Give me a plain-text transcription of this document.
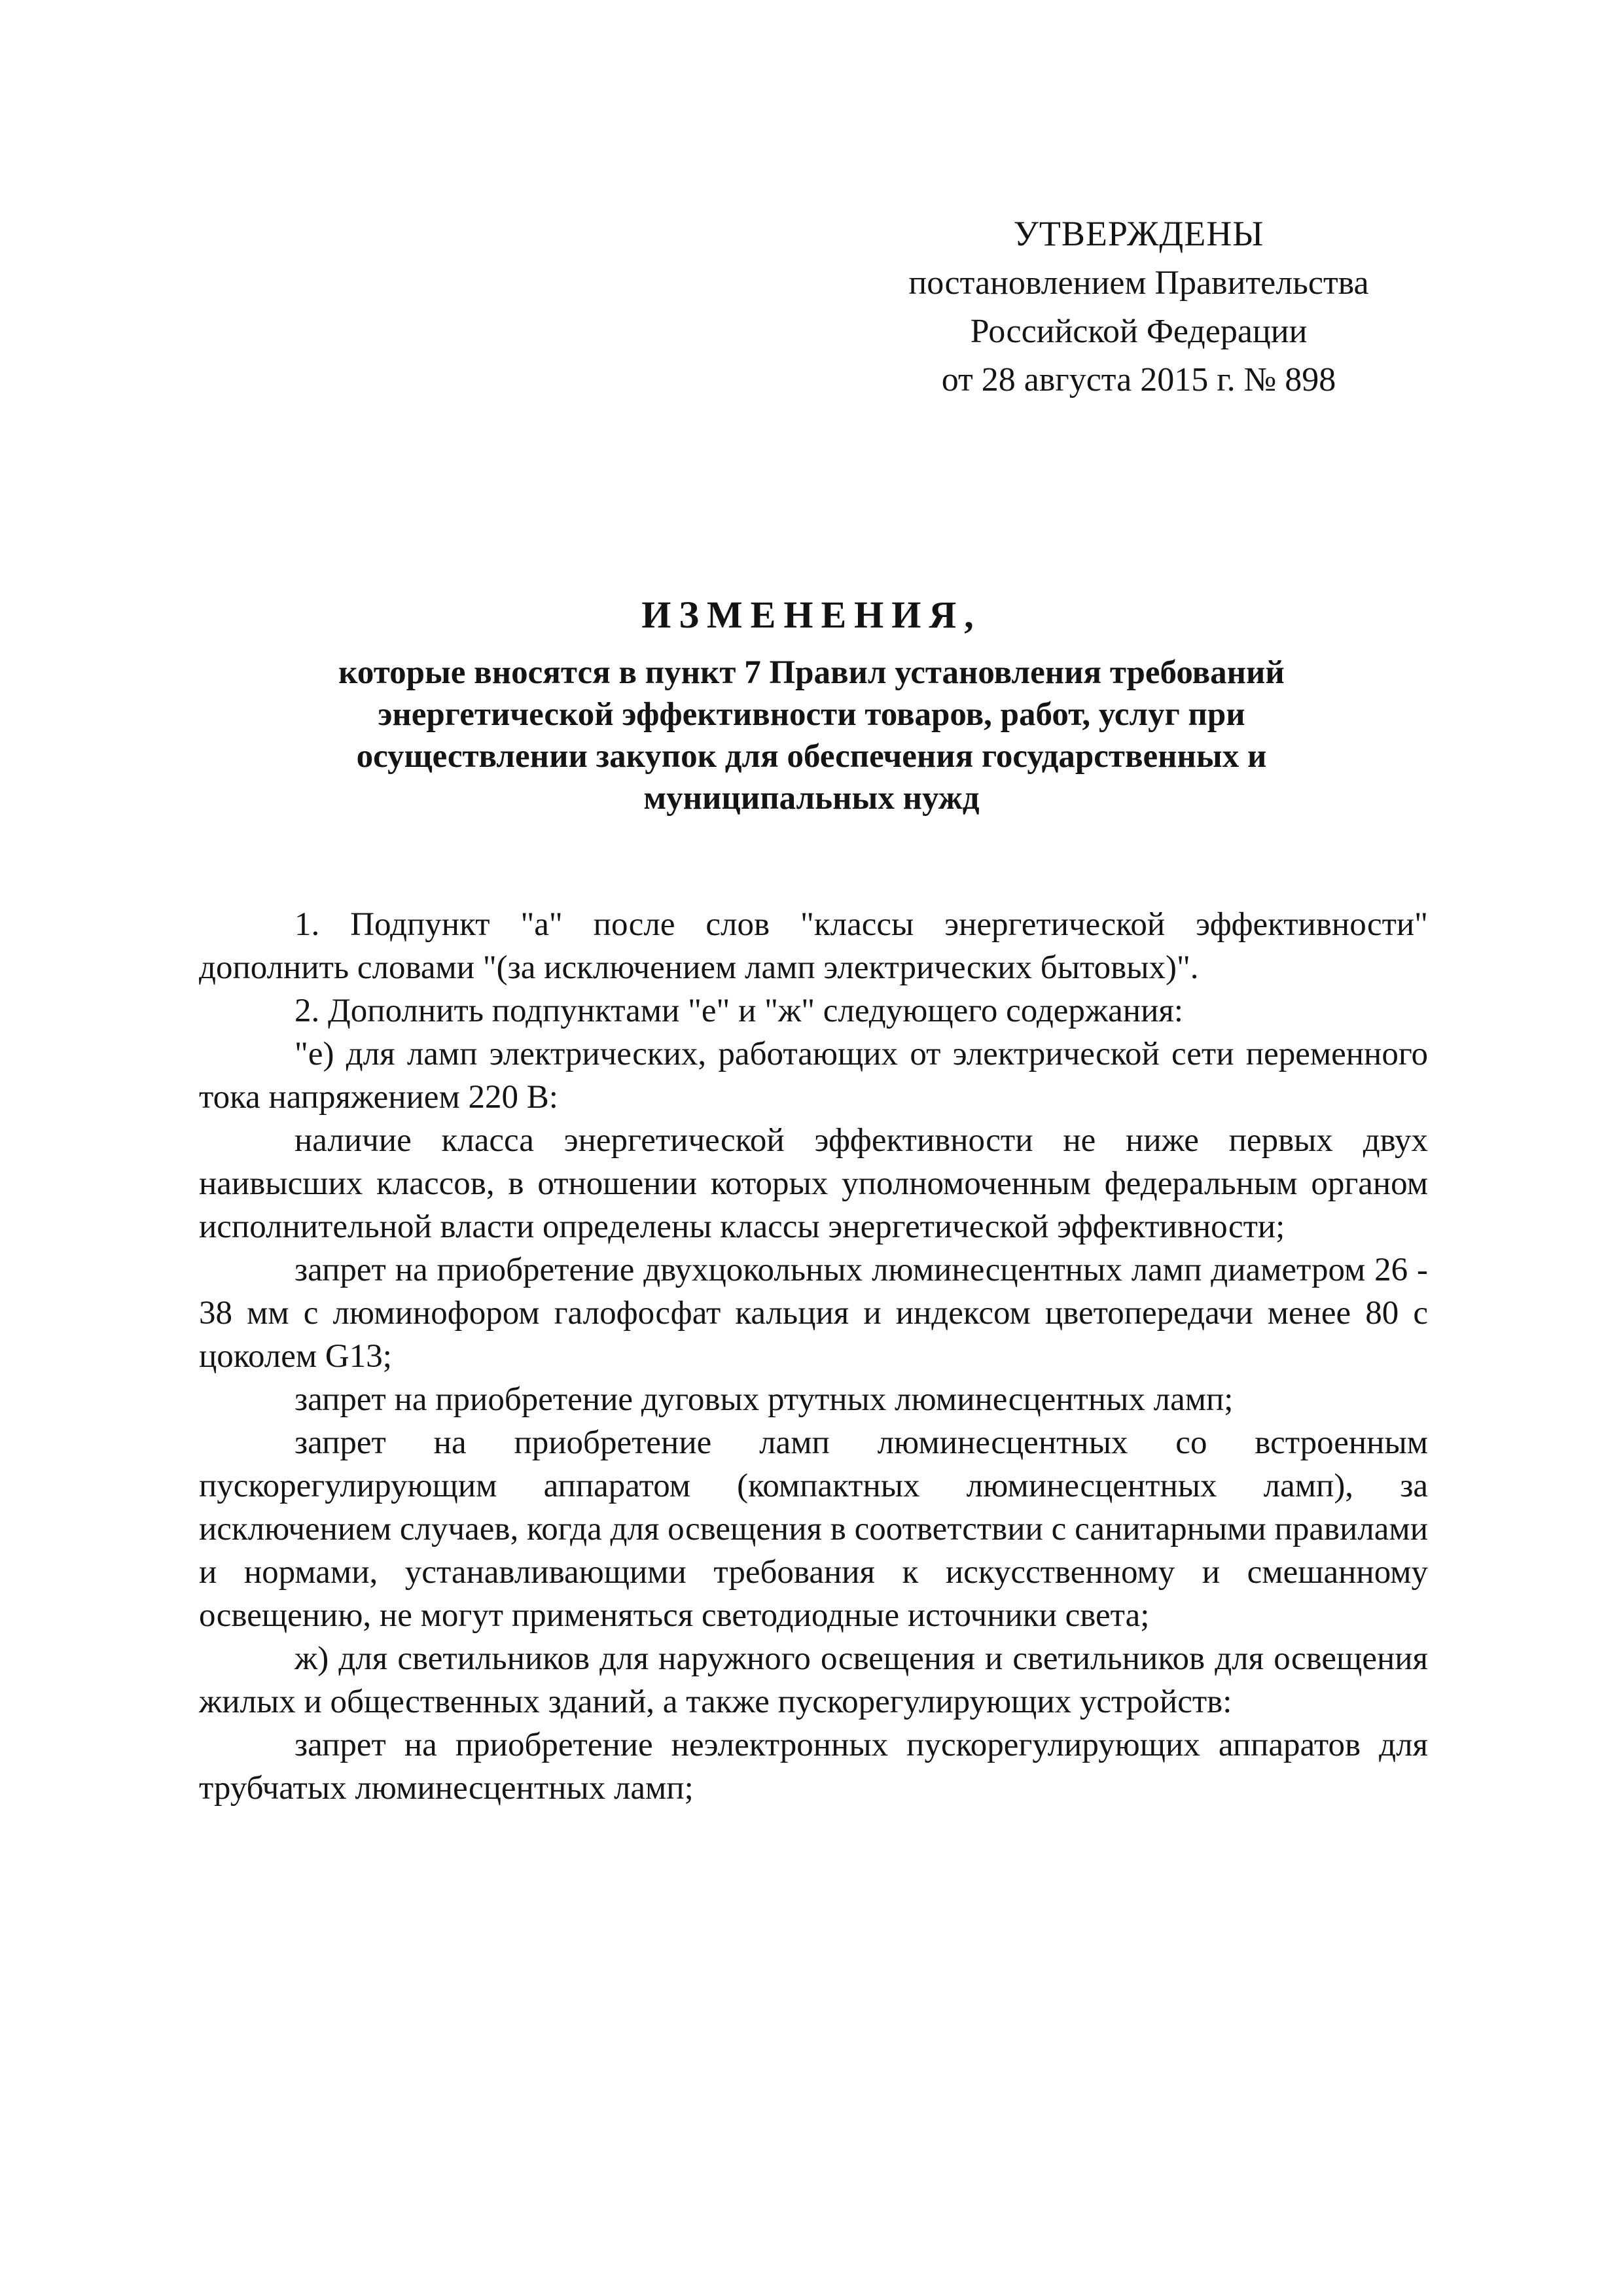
УТВЕРЖДЕНЫ
постановлением Правительства
Российской Федерации
от 28 августа 2015 г. № 898
ИЗМЕНЕНИЯ,
которые вносятся в пункт 7 Правил установления требований
энергетической эффективности товаров, работ, услуг при
осуществлении закупок для обеспечения государственных и
муниципальных нужд

1. Подпункт "а" после слов "классы энергетической эффективности" дополнить словами "(за исключением ламп электрических бытовых)".

2. Дополнить подпунктами "е" и "ж" следующего содержания:

"е) для ламп электрических, работающих от электрической сети переменного тока напряжением 220 В:

наличие класса энергетической эффективности не ниже первых двух наивысших классов, в отношении которых уполномоченным федеральным органом исполнительной власти определены классы энергетической эффективности;

запрет на приобретение двухцокольных люминесцентных ламп диаметром 26 - 38 мм с люминофором галофосфат кальция и индексом цветопередачи менее 80 с цоколем G13;

запрет на приобретение дуговых ртутных люминесцентных ламп;

запрет на приобретение ламп люминесцентных со встроенным пускорегулирующим аппаратом (компактных люминесцентных ламп), за исключением случаев, когда для освещения в соответствии с санитарными правилами и нормами, устанавливающими требования к искусственному и смешанному освещению, не могут применяться светодиодные источники света;

ж) для светильников для наружного освещения и светильников для освещения жилых и общественных зданий, а также пускорегулирующих устройств:

запрет на приобретение неэлектронных пускорегулирующих аппаратов для трубчатых люминесцентных ламп;
